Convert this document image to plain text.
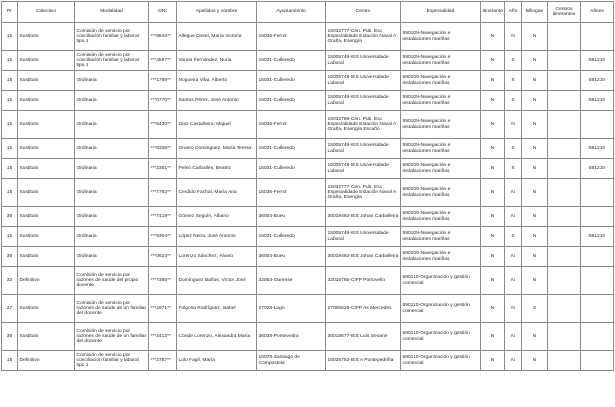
Pr	Colectivo	Modalidad	DNI	Apellidos y nombre	Ayuntamiento	Centro	Especialidad	Itinerante	Afín	Bilingüe	Centros itinerantes	Afines
15	Sustituto	Comisión de servicio por conciliación familiar y laboral tipo 1	***8643**	Allegue Ossel, María Victoria	15036-Ferrol	15032777-Cen. Pub. Esc Especialidade Estación Naval A Graña, Esengra	590109-Navegación e instalaciones mariñas	N	N	N		
15	Sustituto	Comisión de servicio por conciliación familiar y laboral tipo 1	***4587**	Varela Fernández, Nuria	15031-Culleredo	15005749-IES Universidade Laboral	590109-Navegación e instalaciones mariñas	N	S	N		591210
15	Sustituto	Ordinaria	***1789**	Nogueira Vilar, Alberto	15031-Culleredo	15005749-IES Universidade Laboral	590109-Navegación e instalaciones mariñas	N	S	N		591210
15	Sustituto	Ordinaria	***0770**	Santos Pérez, José Antonio	15031-Culleredo	15005749-IES Universidade Laboral	590109-Navegación e instalaciones mariñas	N	S	N		591210
15	Sustituto	Ordinaria	***6430**	Díaz Castañeira, Miguel	15036-Ferrol	15032789-Cen. Pub. Esc Especialidade Estación Naval A Graña, Esengra Escaño	590109-Navegación e instalaciones mariñas	N	N	N		
15	Sustituto	Ordinaria	***8336**	Gruero Domínguez, María Teresa	15031-Culleredo	15005749-IES Universidade Laboral	590109-Navegación e instalaciones mariñas	N	S	N		591210
15	Sustituto	Ordinaria	***2351**	Pelnó Carballés, Beatriz	15031-Culleredo	15005749-IES Universidade Laboral	590109-Navegación e instalaciones mariñas	N	S	N		591210
15	Sustituto	Ordinaria	***7792**	Cerdido Fachal, María Ana	15036-Ferrol	15032777-Cen. Pub. Esc Especialidade Estación Naval A Graña, Esengra	590109-Navegación e instalaciones mariñas	N	N	N		
36	Sustituto	Ordinaria	***7419**	Gómez Seguín, Albano	36004-Bueu	36019463-IES Johan Carballeira	590109-Navegación e instalaciones mariñas	N	N	N		
15	Sustituto	Ordinaria	***9304**	López Neira, José Antonio	15031-Culleredo	15005749-IES Universidade Laboral	590109-Navegación e instalaciones mariñas	N	S	N		591210
36	Sustituto	Ordinaria	***0624**	Lorenzo Sánchez, Álvaro	36004-Bueu	36019463-IES Johan Carballeira	590109-Navegación e instalaciones mariñas	N	N	N		
32	Definitivo	Comisión de servicio por razones de saúde del propio docente	***7365**	Domínguez Baños, Víctor José	32054-Ourense	32016765-CIFP Portovello	590110-Organización y gestión comercial	N	N	N		
27	Sustituto	Comisión de servicio por razones de saúde de un familiar del docente	***2971**	Folgosa Rodríguez, Isabel	27028-Lugo	27006528-CIFP As Mercedes	590110-Organización y gestión comercial	N	N	S		
36	Sustituto	Comisión de servicio por razones de saúde de un familiar del docente	***2412**	Conde Lorenzo, Alexandra María	36038-Pontevedra	36018677-IES Luís Seoane	590110-Organización y gestión comercial	N	N	N		
15	Definitivo	Comisión de servicio por conciliación familiar y laboral tipo 1	***2787**	Lolo Fagil, María	15078-Santiago de Compostela	15026753-IES A Pontepedriña	590110-Organización y gestión comercial	N	N	N		
